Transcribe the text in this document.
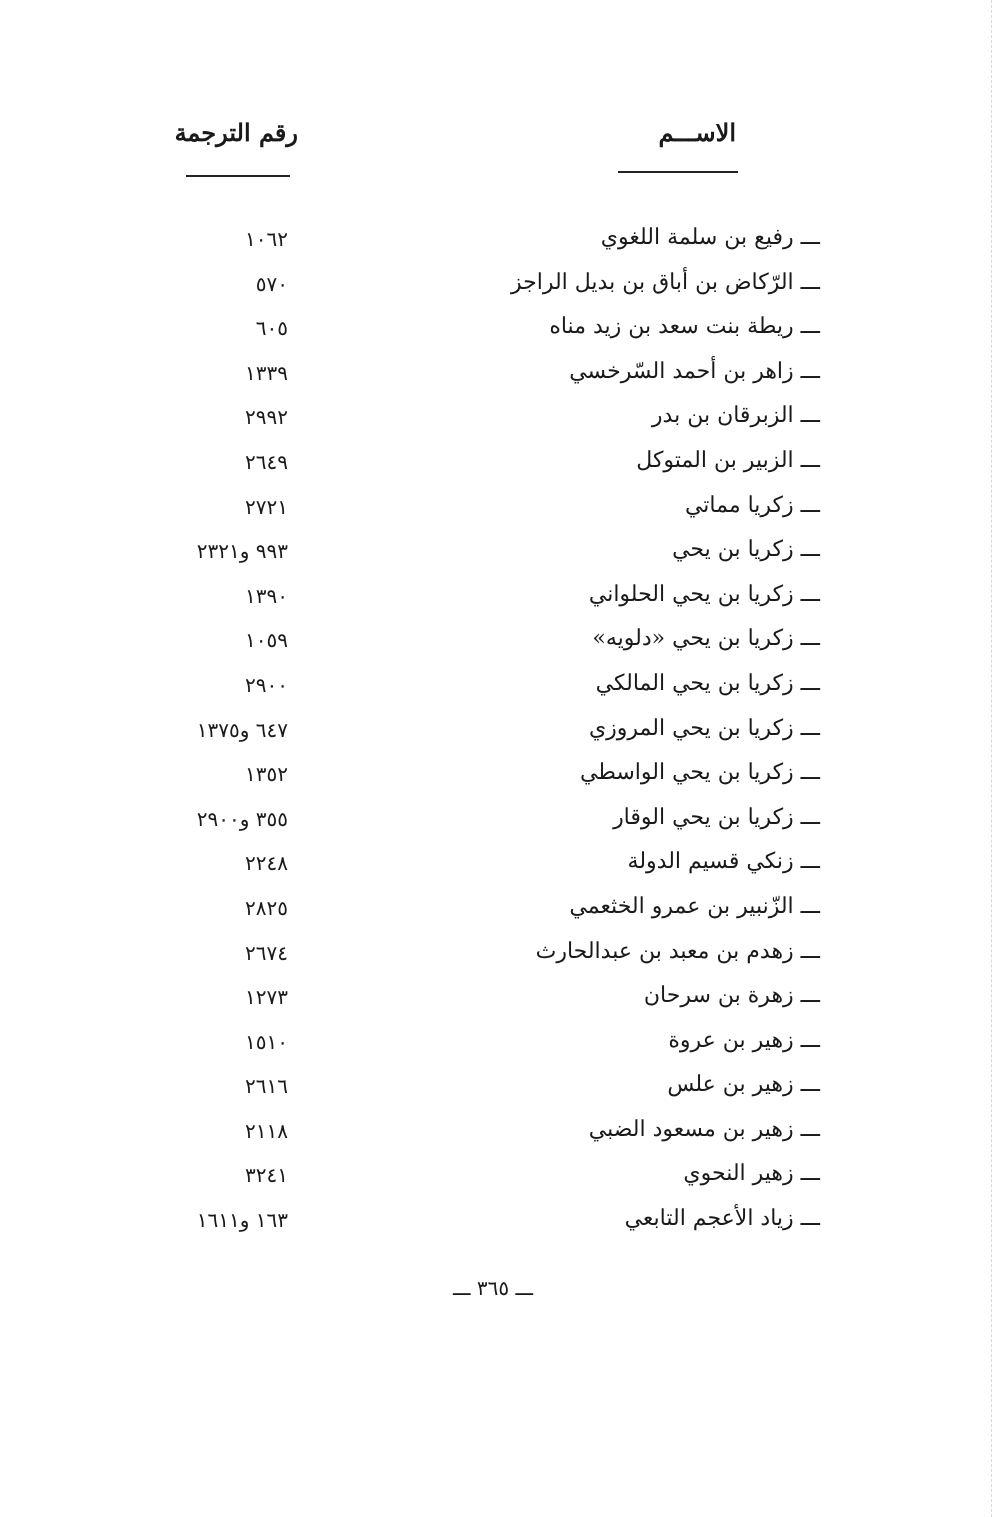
الاســـم
رقم الترجمة
ـــ رفيع بن سلمة اللغوي
١٠٦٢
ـــ الرّكاض بن أباق بن بديل الراجز
٥٧٠
ـــ ريطة بنت سعد بن زيد مناه
٦٠٥
ـــ زاهر بن أحمد السّرخسي
١٣٣٩
ـــ الزبرقان بن بدر
٢٩٩٢
ـــ الزبير بن المتوكل
٢٦٤٩
ـــ زكريا مماتي
٢٧٢١
ـــ زكريا بن يحي
٩٩٣ و٢٣٢١
ـــ زكريا بن يحي الحلواني
١٣٩٠
ـــ زكريا بن يحي «دلويه»
١٠٥٩
ـــ زكريا بن يحي المالكي
٢٩٠٠
ـــ زكريا بن يحي المروزي
٦٤٧ و١٣٧٥
ـــ زكريا بن يحي الواسطي
١٣٥٢
ـــ زكريا بن يحي الوقار
٣٥٥ و٢٩٠٠
ـــ زنكي قسيم الدولة
٢٢٤٨
ـــ الزّنبير بن عمرو الخثعمي
٢٨٢٥
ـــ زهدم بن معبد بن عبدالحارث
٢٦٧٤
ـــ زهرة بن سرحان
١٢٧٣
ـــ زهير بن عروة
١٥١٠
ـــ زهير بن علس
٢٦١٦
ـــ زهير بن مسعود الضبي
٢١١٨
ـــ زهير النحوي
٣٢٤١
ـــ زياد الأعجم التابعي
١٦٣ و١٦١١
ـــ ٣٦٥ ـــ
